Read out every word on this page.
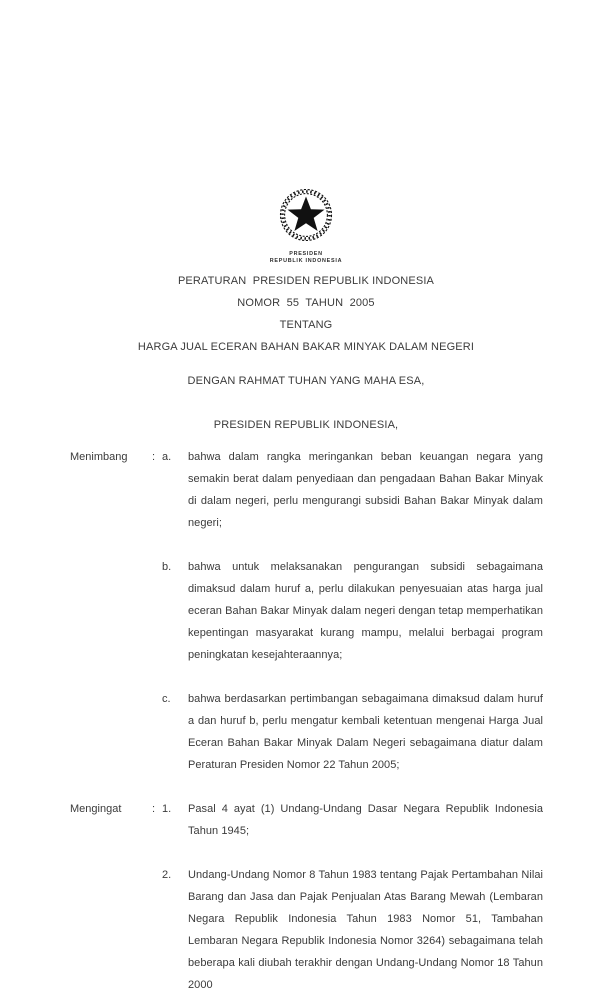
PRESIDEN
REPUBLIK INDONESIA
PERATURAN  PRESIDEN REPUBLIK INDONESIA
NOMOR  55  TAHUN  2005
TENTANG
HARGA JUAL ECERAN BAHAN BAKAR MINYAK DALAM NEGERI
DENGAN RAHMAT TUHAN YANG MAHA ESA,
PRESIDEN REPUBLIK INDONESIA,
Menimbang	: a.	bahwa dalam rangka meringankan beban keuangan negara yang semakin berat dalam penyediaan dan pengadaan Bahan Bakar Minyak di dalam negeri, perlu mengurangi subsidi Bahan Bakar Minyak dalam negeri;
b.	bahwa untuk melaksanakan pengurangan subsidi sebagaimana dimaksud dalam huruf a, perlu dilakukan penyesuaian atas harga jual eceran Bahan Bakar Minyak dalam negeri dengan tetap memperhatikan kepentingan masyarakat kurang mampu, melalui berbagai program peningkatan kesejahteraannya;
c.	bahwa berdasarkan pertimbangan sebagaimana dimaksud dalam huruf a dan huruf b, perlu mengatur kembali ketentuan mengenai Harga Jual Eceran Bahan Bakar Minyak Dalam Negeri sebagaimana diatur dalam Peraturan Presiden Nomor 22 Tahun 2005;
Mengingat	: 1.	Pasal 4 ayat (1) Undang-Undang Dasar Negara Republik Indonesia Tahun 1945;
2.	Undang-Undang Nomor 8 Tahun 1983 tentang Pajak Pertambahan Nilai Barang dan Jasa dan Pajak Penjualan Atas Barang Mewah (Lembaran Negara Republik Indonesia Tahun 1983 Nomor 51, Tambahan Lembaran Negara Republik Indonesia Nomor 3264) sebagaimana telah beberapa kali diubah terakhir dengan Undang-Undang Nomor 18 Tahun 2000
